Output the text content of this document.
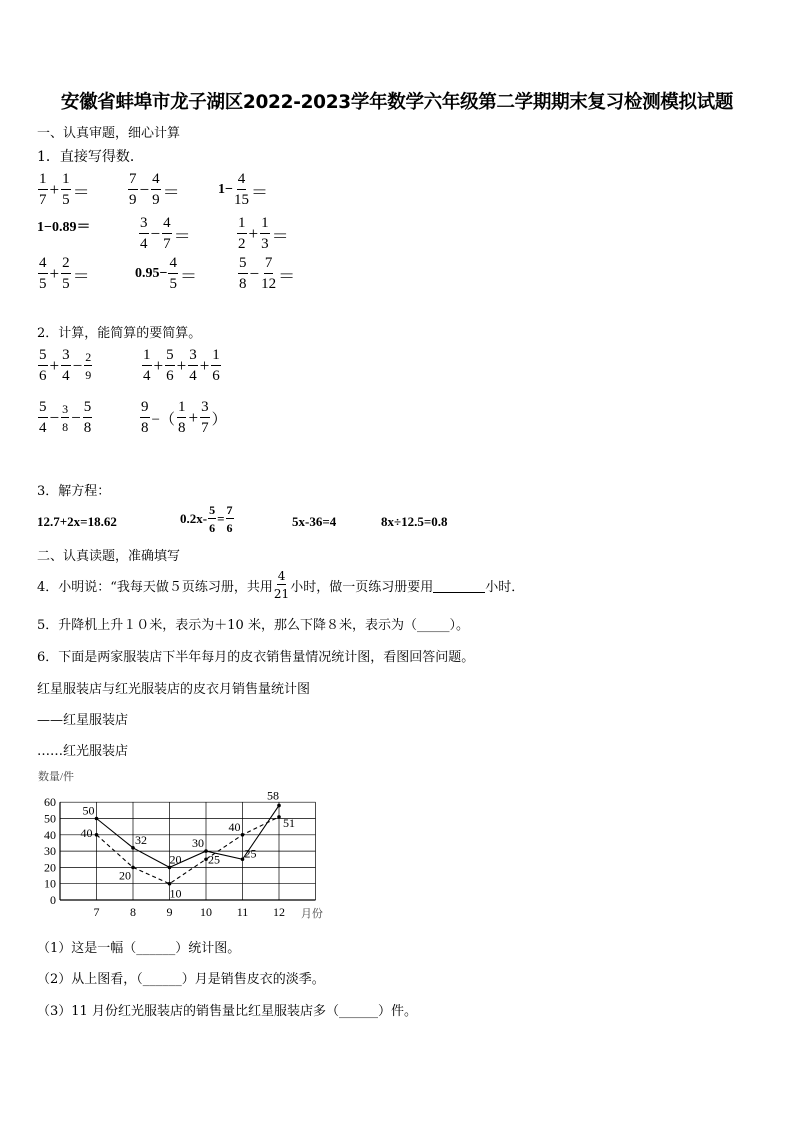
安徽省蚌埠市龙子湖区2022-2023学年数学六年级第二学期期末复习检测模拟试题
一、认真审题，细心计算
1．直接写得数．
2．计算，能简算的要简算。
$\frac{5}{6} + \frac{3}{4} - \frac{2}{9}$	$\frac{1}{4} + \frac{5}{6} + \frac{3}{4} + \frac{1}{6}$
$\frac{5}{4} - \frac{3}{8} - \frac{5}{8}$	$\frac{9}{8}$ −（ $\frac{1}{8} + \frac{3}{7}$ ）
3．解方程：
12.7+2x=18.62	$0.2x- \frac{5}{6} = \frac{7}{6}$	5x-36=4	8x÷12.5=0.8
二、认真读题，准确填写
4．小明说：“我每天做５页练习册，共用 $\frac{4}{21}$ 小时，做一页练习册要用
	小时．
5．升降机上升１０米，表示为＋10 米，那么下降８米，表示为（_____）。
6．下面是两家服装店下半年每月的皮衣销售量情况统计图，看图回答问题。
红星服装店与红光服装店的皮衣月销售量统计图
——红星服装店
……红光服装店
0
10
20
30
40
50
60
7	8	9 10 11 12
数量/件
月份
50
32
20
30
25
58
40
20
10
25
40	51
（1）这是一幅（______）统计图。
（2）从上图看，（______）月是销售皮衣的淡季。
（3）11 月份红光服装店的销售量比红星服装店多（______）件。
$\frac{1}{7} + \frac{1}{5}$ ＝	$\frac{7}{9} - \frac{4}{9}$ ＝	$1- \frac{4}{15}$ ＝
1−0.89＝	$\frac{3}{4} - \frac{4}{7}$ ＝	$\frac{1}{2} + \frac{1}{3}$ ＝
$\frac{4}{5} + \frac{2}{5}$ ＝	$0.95- \frac{4}{5}$ ＝	$\frac{5}{8} - \frac{7}{12}$ ＝
